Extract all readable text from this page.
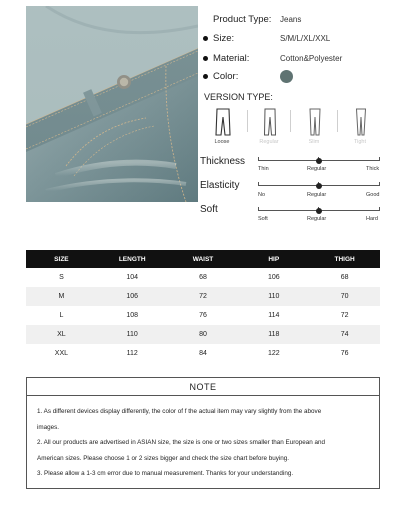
Product Type: Jeans
Size:	S/M/L/XL/XXL
Material:	Cotton&Polyester
Color:
VERSION TYPE:
Loose	Regular	Slim	Tight
Thickness
Thin	Regular	Thick
Elasticity
No	Regular	Good
Soft
Soft	Regular	Hard
SIZE	LENGTH	WAIST	HIP	THIGH
S	104	68	106	68
M	106	72	110	70
L	108	76	114	72
XL	110	80	118	74
XXL	112	84	122	76
NOTE
1. As different devices display differently, the color of f the actual item may vary slightly from the above
images.
2. All our products are advertised in ASIAN size, the size is one or two sizes smaller than European and
American sizes. Please choose 1 or 2 sizes bigger and check the size chart before buying.
3. Please allow a 1-3 cm error due to manual measurement. Thanks for your understanding.
